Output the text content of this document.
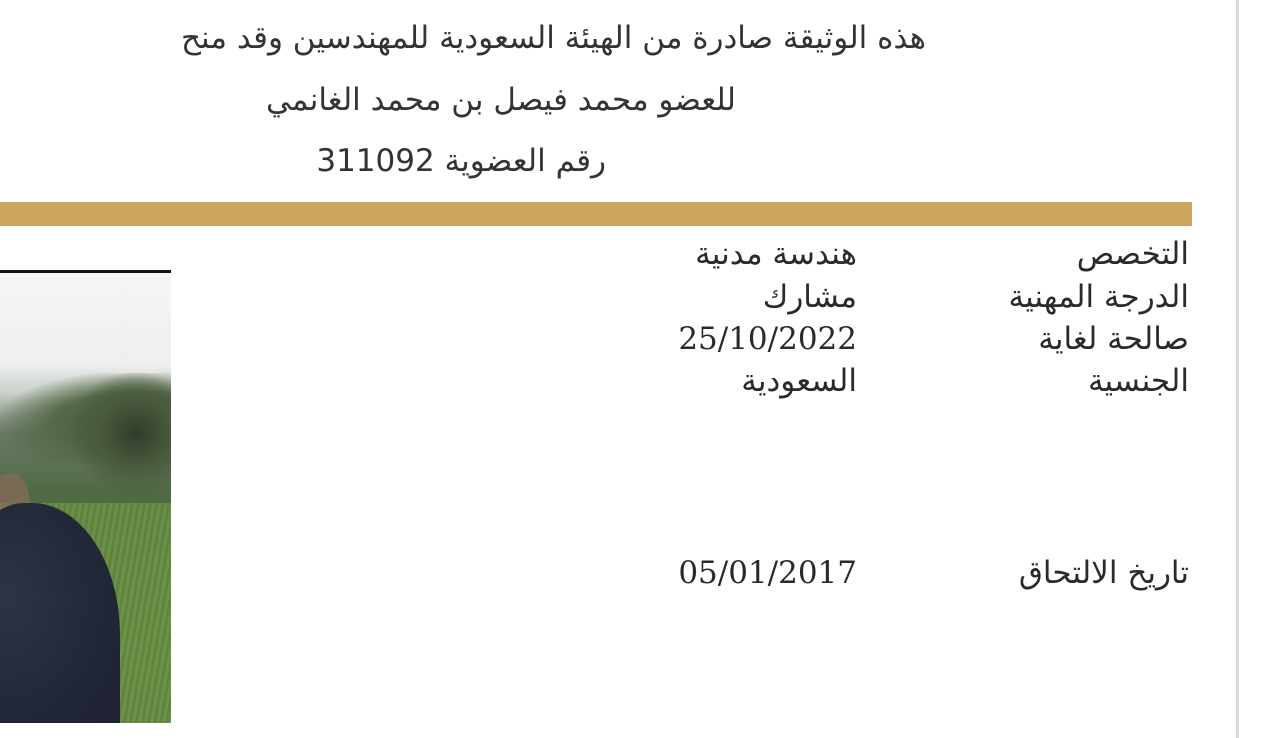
هذه الوثيقة صادرة من الهيئة السعودية للمهندسين وقد منح
للعضو محمد فيصل بن محمد الغانمي
رقم العضوية 311092
التخصص
هندسة مدنية
الدرجة المهنية
مشارك
صالحة لغاية
25/10/2022
الجنسية
السعودية
تاريخ الالتحاق
05/01/2017
